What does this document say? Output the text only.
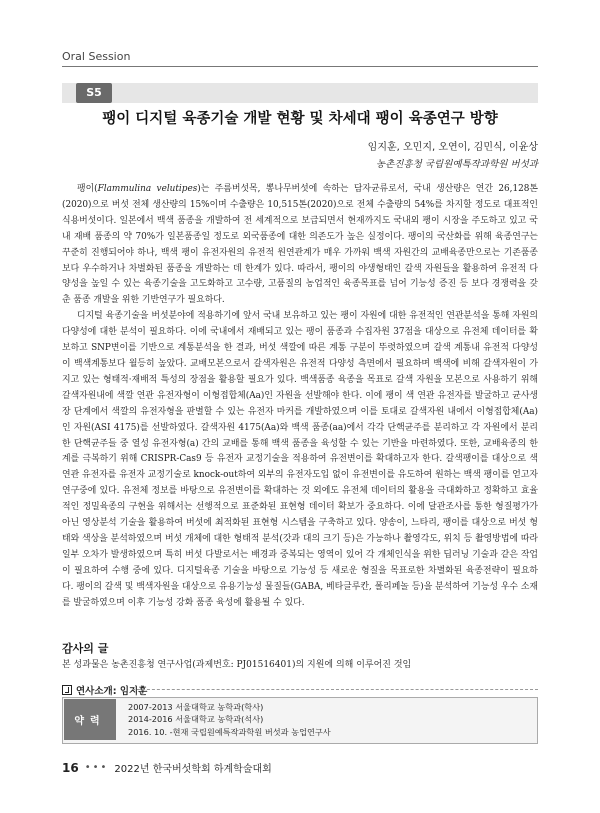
Oral Session
S5
팽이 디지털 육종기술 개발 현황 및 차세대 팽이 육종연구 방향
임지훈, 오민지, 오연이, 김민식, 이윤상
농촌진흥청 국립원예특작과학원 버섯과

팽이(Flammulina velutipes)는 주름버섯목, 뽕나무버섯에 속하는 담자균류로서, 국내 생산량은 연간 26,128톤(2020)으로 버섯 전체 생산량의 15%이며 수출량은 10,515톤(2020)으로 전체 수출량의 54%를 차지할 정도로 대표적인 식용버섯이다. 일본에서 백색 품종을 개발하여 전 세계적으로 보급되면서 현재까지도 국내외 팽이 시장을 주도하고 있고 국내 재배 품종의 약 70%가 일본품종일 정도로 외국품종에 대한 의존도가 높은 실정이다. 팽이의 국산화를 위해 육종연구는 꾸준히 진행되어야 하나, 백색 팽이 유전자원의 유전적 원연관계가 매우 가까워 백색 자원간의 교배육종만으로는 기존품종보다 우수하거나 차별화된 품종을 개발하는 데 한계가 있다. 따라서, 팽이의 야생형태인 갈색 자원들을 활용하여 유전적 다양성을 높일 수 있는 육종기술을 고도화하고 고수량, 고품질의 농업적인 육종목표를 넘어 기능성 증진 등 보다 경쟁력을 갖춘 품종 개발을 위한 기반연구가 필요하다.

디지털 육종기술을 버섯분야에 적용하기에 앞서 국내 보유하고 있는 팽이 자원에 대한 유전적인 연관분석을 통해 자원의 다양성에 대한 분석이 필요하다. 이에 국내에서 재배되고 있는 팽이 품종과 수집자원 37점을 대상으로 유전체 데이터를 확보하고 SNP변이를 기반으로 계통분석을 한 결과, 버섯 색깔에 따른 계통 구분이 뚜렷하였으며 갈색 계통내 유전적 다양성이 백색계통보다 월등히 높았다. 교배모본으로서 갈색자원은 유전적 다양성 측면에서 필요하며 백색에 비해 갈색자원이 가지고 있는 형태적·재배적 특성의 장점을 활용할 필요가 있다. 백색품종 육종을 목표로 갈색 자원을 모본으로 사용하기 위해 갈색자원내에 색깔 연관 유전자형이 이형접합체(Aa)인 자원을 선발해야 한다. 이에 팽이 색 연관 유전자를 발굴하고 균사생장 단계에서 색깔의 유전자형을 판별할 수 있는 유전자 마커를 개발하였으며 이를 토대로 갈색자원 내에서 이형접합체(Aa)인 자원(ASI 4175)를 선발하였다. 갈색자원 4175(Aa)와 백색 품종(aa)에서 각각 단핵균주를 분리하고 각 자원에서 분리한 단핵균주들 중 열성 유전자형(a) 간의 교배를 통해 백색 품종을 육성할 수 있는 기반을 마련하였다. 또한, 교배육종의 한계를 극복하기 위해 CRISPR-Cas9 등 유전자 교정기술을 적용하여 유전변이를 확대하고자 한다. 갈색팽이를 대상으로 색 연관 유전자를 유전자 교정기술로 knock-out하여 외부의 유전자도입 없이 유전변이를 유도하여 원하는 백색 팽이를 얻고자 연구중에 있다. 유전체 정보를 바탕으로 유전변이를 확대하는 것 외에도 유전체 데이터의 활용을 극대화하고 정확하고 효율적인 정밀육종의 구현을 위해서는 선행적으로 표준화된 표현형 데이터 확보가 중요하다. 이에 달관조사를 통한 형질평가가 아닌 영상분석 기술을 활용하여 버섯에 최적화된 표현형 시스템을 구축하고 있다. 양송이, 느타리, 팽이를 대상으로 버섯 형태와 색상을 분석하였으며 버섯 개체에 대한 형태적 분석(갓과 대의 크기 등)은 가능하나 촬영각도, 위치 등 촬영방법에 따라 일부 오차가 발생하였으며 특히 버섯 다발로서는 배경과 중복되는 영역이 있어 각 개체인식을 위한 딥러닝 기술과 같은 작업이 필요하여 수행 중에 있다. 디지털육종 기술을 바탕으로 기능성 등 새로운 형질을 목표로한 차별화된 육종전략이 필요하다. 팽이의 갈색 및 백색자원을 대상으로 유용기능성 물질들(GABA, 베타글루칸, 폴리페놀 등)을 분석하여 기능성 우수 소재를 발굴하였으며 이후 기능성 강화 품종 육성에 활용될 수 있다.

감사의 글
본 성과물은 농촌진흥청 연구사업(과제번호: PJ01516401)의 지원에 의해 이루어진 것임
연사소개: 임지훈
약력
2007-2013 서울대학교 농학과(학사)
2014-2016 서울대학교 농학과(석사)
2016. 10. -현재 국립원예특작과학원 버섯과 농업연구사
16 ••• 2022년 한국버섯학회 하계학술대회
